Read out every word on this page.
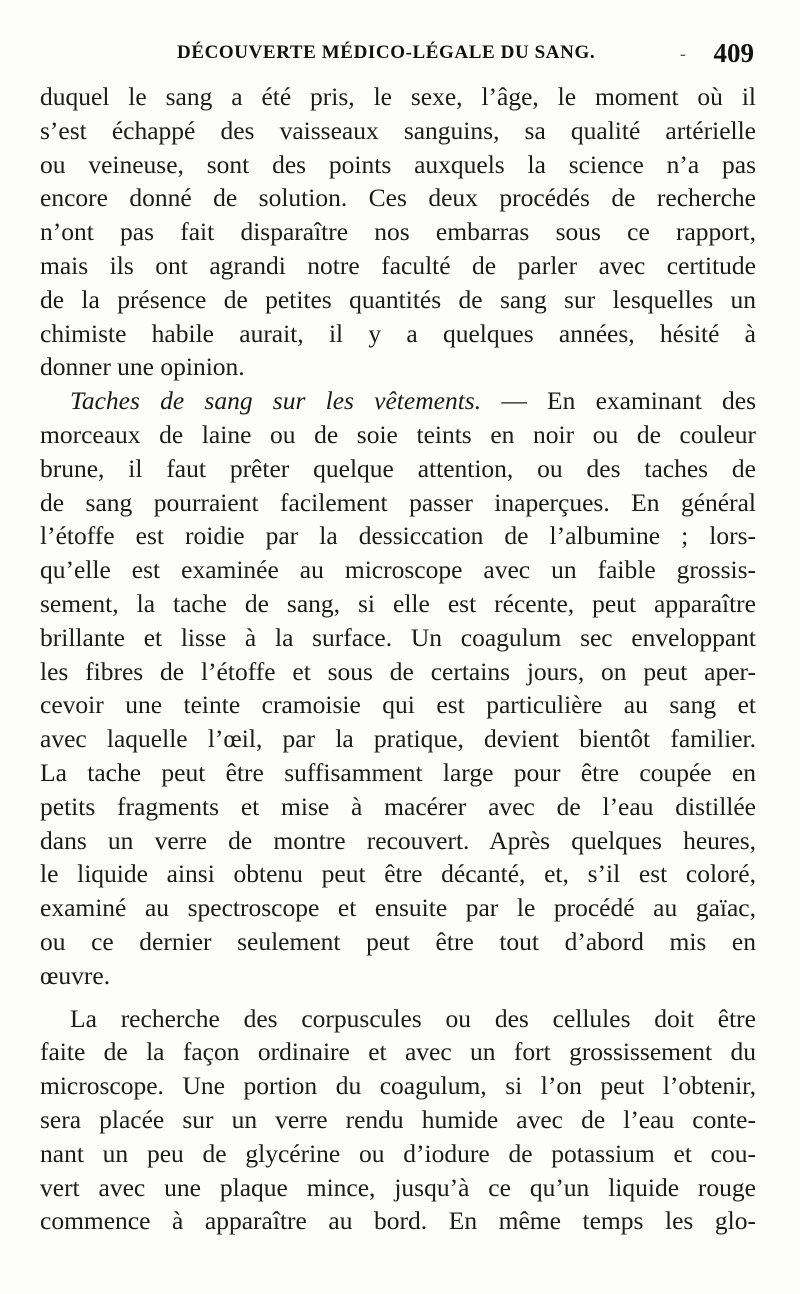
DÉCOUVERTE MÉDICO-LÉGALE DU SANG.	- 409
duquel le sang a été pris, le sexe, l’âge, le moment où il
s’est échappé des vaisseaux sanguins, sa qualité artérielle
ou veineuse, sont des points auxquels la science n’a pas
encore donné de solution. Ces deux procédés de recherche
n’ont pas fait disparaître nos embarras sous ce rapport,
mais ils ont agrandi notre faculté de parler avec certitude
de la présence de petites quantités de sang sur lesquelles un
chimiste habile aurait, il y a quelques années, hésité à
donner une opinion.
Taches de sang sur les vêtements. — En examinant des
morceaux de laine ou de soie teints en noir ou de couleur
brune, il faut prêter quelque attention, ou des taches de
de sang pourraient facilement passer inaperçues. En général
l’étoffe est roidie par la dessiccation de l’albumine ; lors-
qu’elle est examinée au microscope avec un faible grossis-
sement, la tache de sang, si elle est récente, peut apparaître
brillante et lisse à la surface. Un coagulum sec enveloppant
les fibres de l’étoffe et sous de certains jours, on peut aper-
cevoir une teinte cramoisie qui est particulière au sang et
avec laquelle l’œil, par la pratique, devient bientôt familier.
La tache peut être suffisamment large pour être coupée en
petits fragments et mise à macérer avec de l’eau distillée
dans un verre de montre recouvert. Après quelques heures,
le liquide ainsi obtenu peut être décanté, et, s’il est coloré,
examiné au spectroscope et ensuite par le procédé au gaïac,
ou ce dernier seulement peut être tout d’abord mis en
œuvre.
La recherche des corpuscules ou des cellules doit être
faite de la façon ordinaire et avec un fort grossissement du
microscope. Une portion du coagulum, si l’on peut l’obtenir,
sera placée sur un verre rendu humide avec de l’eau conte-
nant un peu de glycérine ou d’iodure de potassium et cou-
vert avec une plaque mince, jusqu’à ce qu’un liquide rouge
commence à apparaître au bord. En même temps les glo-
